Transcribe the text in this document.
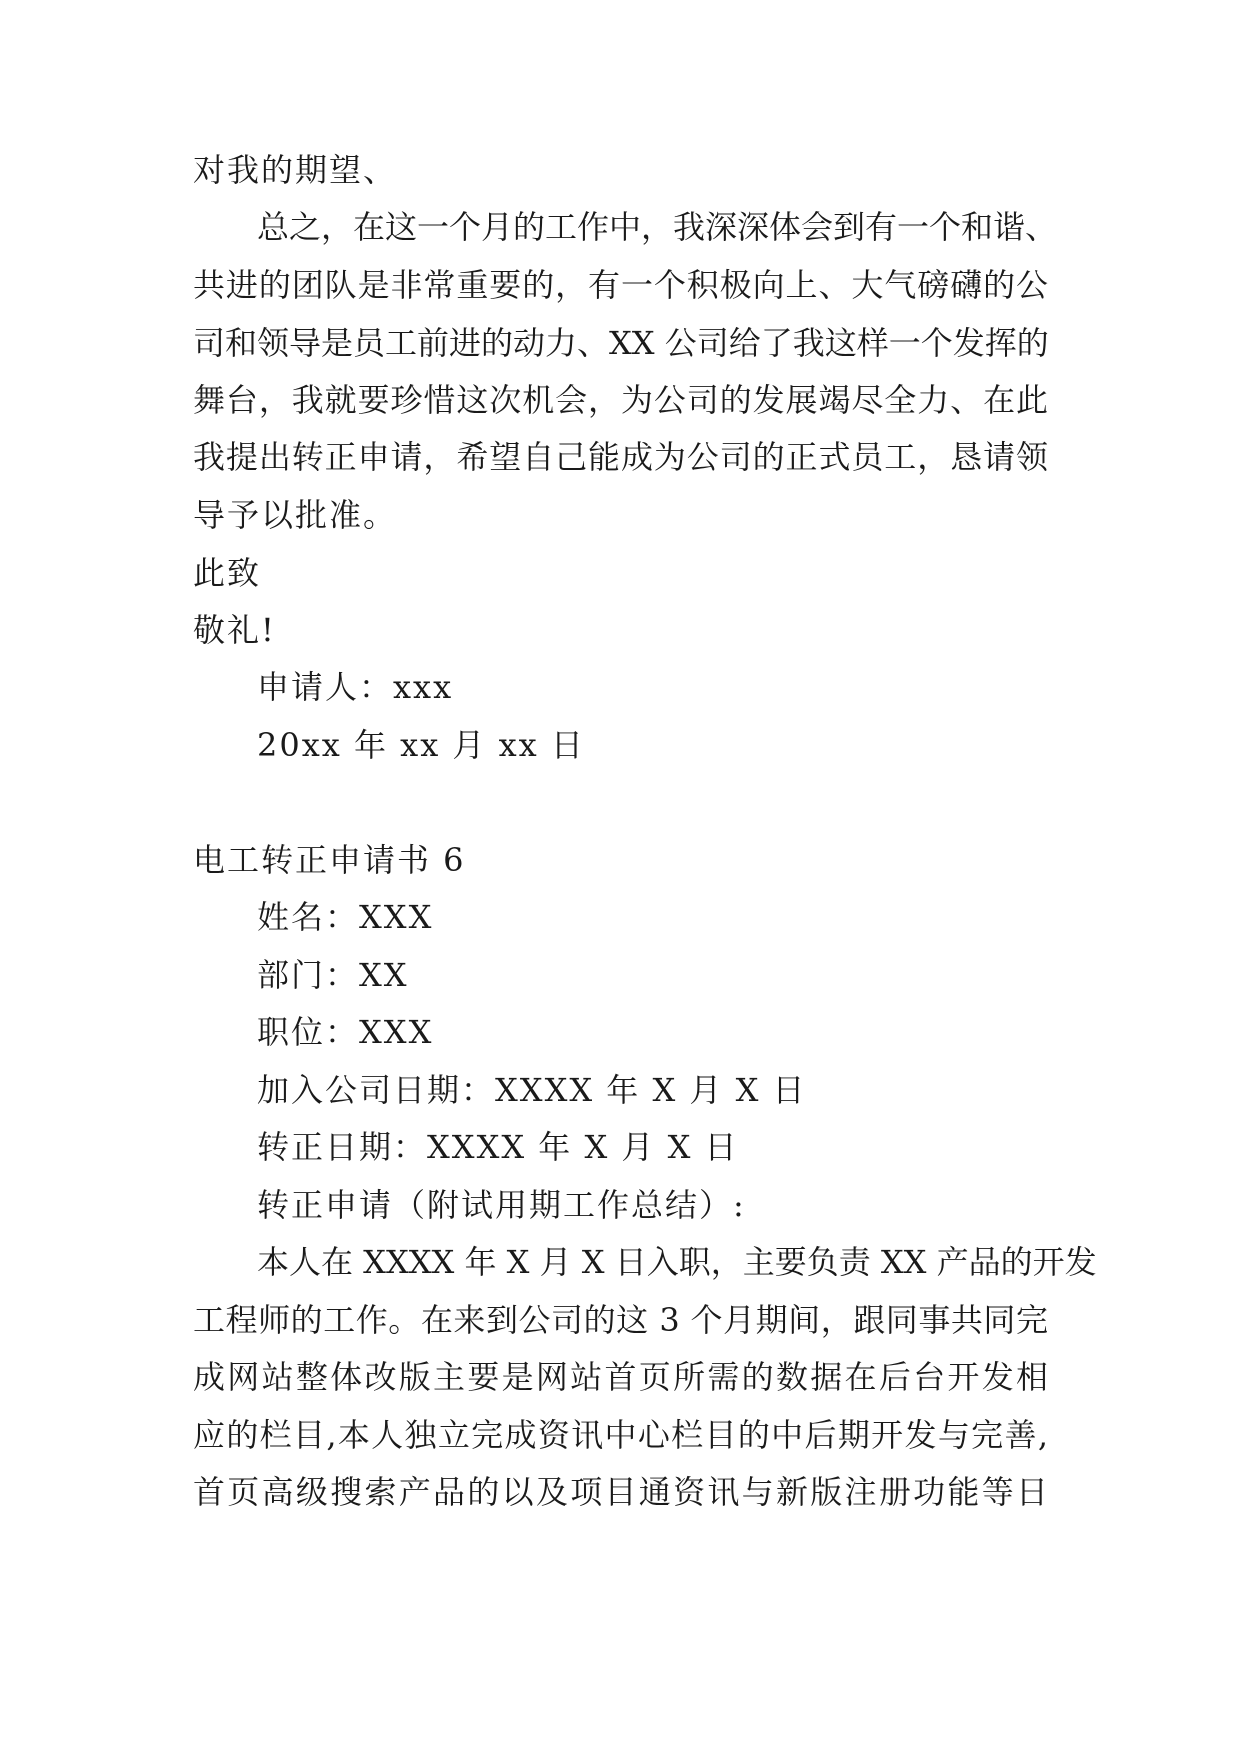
对我的期望、
总之，在这一个月的工作中，我深深体会到有一个和谐、
共进的团队是非常重要的，有一个积极向上、大气磅礴的公
司和领导是员工前进的动力、XX 公司给了我这样一个发挥的
舞台，我就要珍惜这次机会，为公司的发展竭尽全力、在此
我提出转正申请，希望自己能成为公司的正式员工，恳请领
导予以批准。
此致
敬礼!
申请人：xxx
20xx 年 xx 月 xx 日
电工转正申请书 6
姓名：XXX
部门：XX
职位：XXX
加入公司日期：XXXX 年 X 月 X 日
转正日期：XXXX 年 X 月 X 日
转正申请（附试用期工作总结）:
本人在 XXXX 年 X 月 X 日入职，主要负责 XX 产品的开发
工程师的工作。在来到公司的这 3 个月期间，跟同事共同完
成网站整体改版主要是网站首页所需的数据在后台开发相
应的栏目,本人独立完成资讯中心栏目的中后期开发与完善,
首页高级搜索产品的以及项目通资讯与新版注册功能等日
